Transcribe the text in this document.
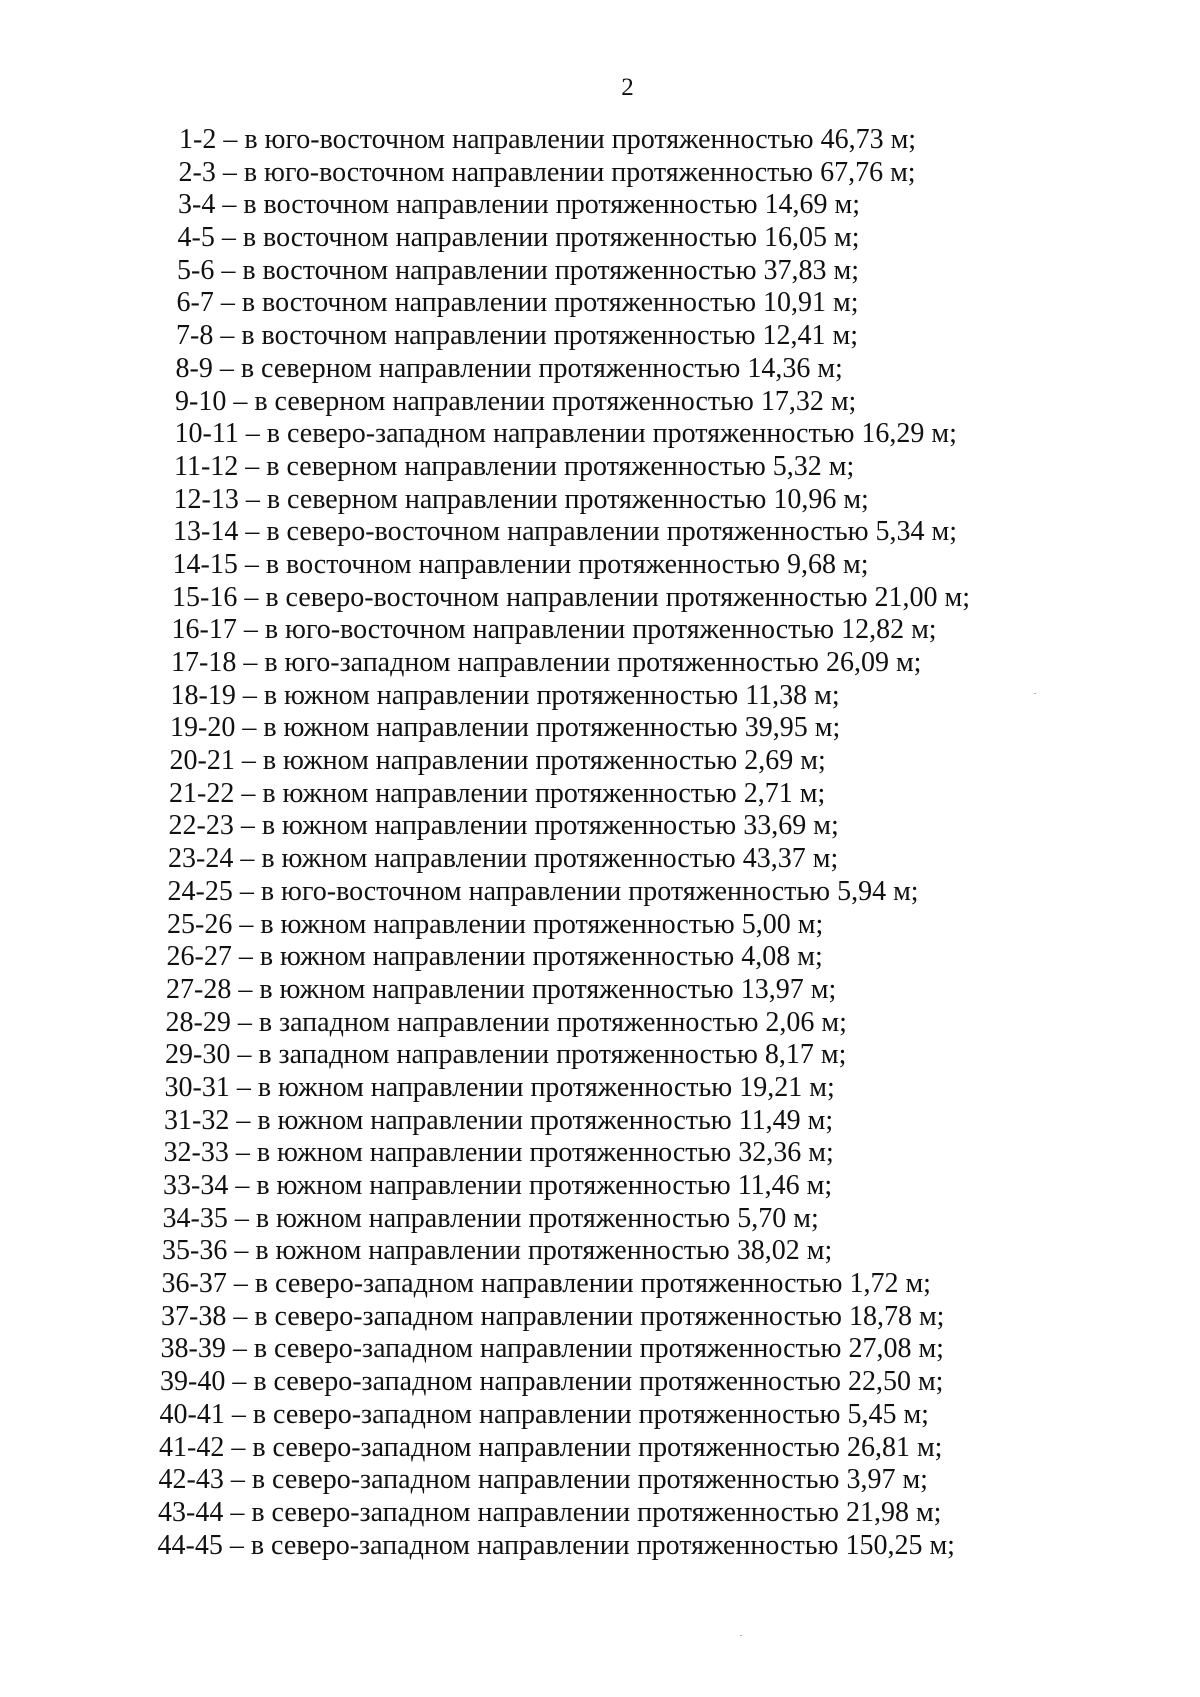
2
1-2 – в юго-восточном направлении протяженностью 46,73 м;
2-3 – в юго-восточном направлении протяженностью 67,76 м;
3-4 – в восточном направлении протяженностью 14,69 м;
4-5 – в восточном направлении протяженностью 16,05 м;
5-6 – в восточном направлении протяженностью 37,83 м;
6-7 – в восточном направлении протяженностью 10,91 м;
7-8 – в восточном направлении протяженностью 12,41 м;
8-9 – в северном направлении протяженностью 14,36 м;
9-10 – в северном направлении протяженностью 17,32 м;
10-11 – в северо-западном направлении протяженностью 16,29 м;
11-12 – в северном направлении протяженностью 5,32 м;
12-13 – в северном направлении протяженностью 10,96 м;
13-14 – в северо-восточном направлении протяженностью 5,34 м;
14-15 – в восточном направлении протяженностью 9,68 м;
15-16 – в северо-восточном направлении протяженностью 21,00 м;
16-17 – в юго-восточном направлении протяженностью 12,82 м;
17-18 – в юго-западном направлении протяженностью 26,09 м;
18-19 – в южном направлении протяженностью 11,38 м;
19-20 – в южном направлении протяженностью 39,95 м;
20-21 – в южном направлении протяженностью 2,69 м;
21-22 – в южном направлении протяженностью 2,71 м;
22-23 – в южном направлении протяженностью 33,69 м;
23-24 – в южном направлении протяженностью 43,37 м;
24-25 – в юго-восточном направлении протяженностью 5,94 м;
25-26 – в южном направлении протяженностью 5,00 м;
26-27 – в южном направлении протяженностью 4,08 м;
27-28 – в южном направлении протяженностью 13,97 м;
28-29 – в западном направлении протяженностью 2,06 м;
29-30 – в западном направлении протяженностью 8,17 м;
30-31 – в южном направлении протяженностью 19,21 м;
31-32 – в южном направлении протяженностью 11,49 м;
32-33 – в южном направлении протяженностью 32,36 м;
33-34 – в южном направлении протяженностью 11,46 м;
34-35 – в южном направлении протяженностью 5,70 м;
35-36 – в южном направлении протяженностью 38,02 м;
36-37 – в северо-западном направлении протяженностью 1,72 м;
37-38 – в северо-западном направлении протяженностью 18,78 м;
38-39 – в северо-западном направлении протяженностью 27,08 м;
39-40 – в северо-западном направлении протяженностью 22,50 м;
40-41 – в северо-западном направлении протяженностью 5,45 м;
41-42 – в северо-западном направлении протяженностью 26,81 м;
42-43 – в северо-западном направлении протяженностью 3,97 м;
43-44 – в северо-западном направлении протяженностью 21,98 м;
44-45 – в северо-западном направлении протяженностью 150,25 м;
